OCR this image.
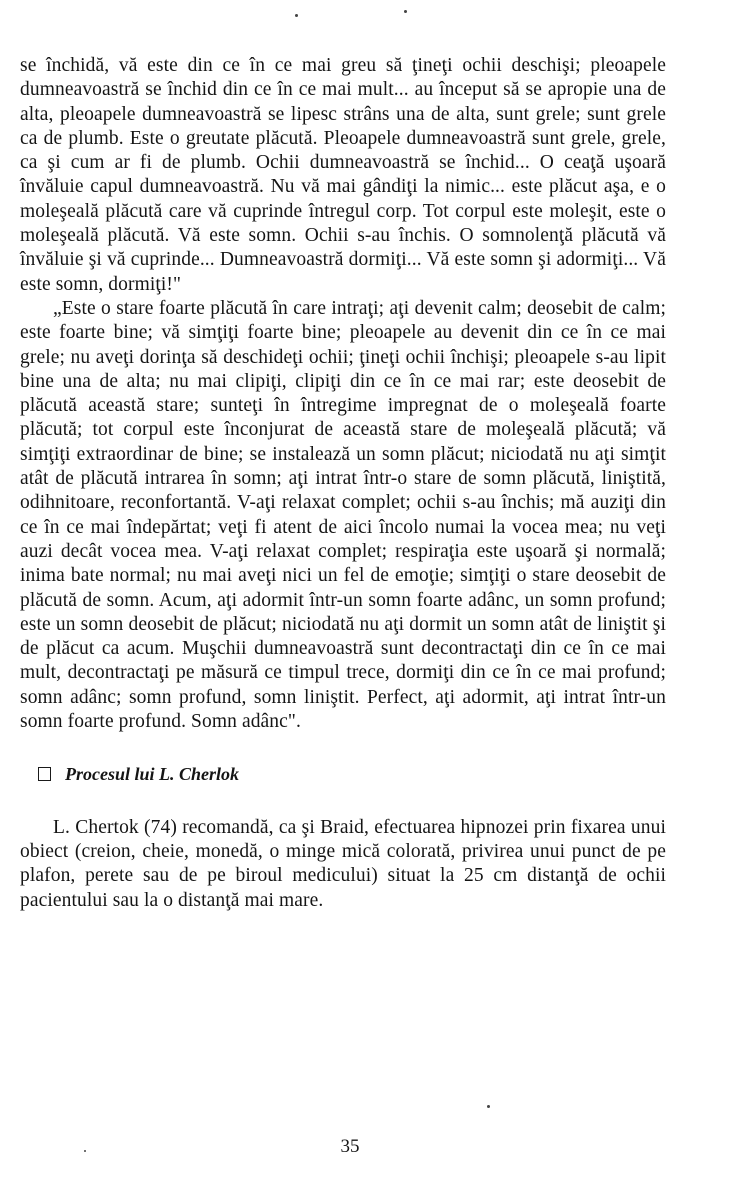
se închidă, vă este din ce în ce mai greu să ţineţi ochii deschişi; pleoapele dumneavoastră se închid din ce în ce mai mult... au început să se apropie una de alta, pleoapele dumneavoastră se lipesc strâns una de alta, sunt grele; sunt grele ca de plumb. Este o greutate plăcută. Pleoapele dumneavoastră sunt grele, grele, ca şi cum ar fi de plumb. Ochii dumneavoastră se închid... O ceaţă uşoară învăluie capul dumneavoastră. Nu vă mai gândiţi la nimic... este plăcut aşa, e o moleşeală plăcută care vă cuprinde întregul corp. Tot corpul este moleşit, este o moleşeală plăcută. Vă este somn. Ochii s-au închis. O somnolenţă plăcută vă învăluie şi vă cuprinde... Dumneavoastră dormiţi... Vă este somn şi adormiţi... Vă este somn, dormiţi!"

„Este o stare foarte plăcută în care intraţi; aţi devenit calm; deosebit de calm; este foarte bine; vă simţiţi foarte bine; pleoapele au devenit din ce în ce mai grele; nu aveţi dorinţa să deschideţi ochii; ţineţi ochii închişi; pleoapele s-au lipit bine una de alta; nu mai clipiţi, clipiţi din ce în ce mai rar; este deosebit de plăcută această stare; sunteţi în întregime impregnat de o moleşeală foarte plăcută; tot corpul este înconjurat de această stare de moleşeală plăcută; vă simţiţi extraordinar de bine; se instalează un somn plăcut; niciodată nu aţi simţit atât de plăcută intrarea în somn; aţi intrat într-o stare de somn plăcută, liniştită, odihnitoare, reconfortantă. V-aţi relaxat complet; ochii s-au închis; mă auziţi din ce în ce mai îndepărtat; veţi fi atent de aici încolo numai la vocea mea; nu veţi auzi decât vocea mea. V-aţi relaxat complet; respiraţia este uşoară şi normală; inima bate normal; nu mai aveţi nici un fel de emoţie; simţiţi o stare deosebit de plăcută de somn. Acum, aţi adormit într-un somn foarte adânc, un somn profund; este un somn deosebit de plăcut; niciodată nu aţi dormit un somn atât de liniştit şi de plăcut ca acum. Muşchii dumneavoastră sunt decontractaţi din ce în ce mai mult, decontractaţi pe măsură ce timpul trece, dormiţi din ce în ce mai profund; somn adânc; somn profund, somn liniştit. Perfect, aţi adormit, aţi intrat într-un somn foarte profund. Somn adânc".

Procesul lui L. Cherlok

L. Chertok (74) recomandă, ca şi Braid, efectuarea hipnozei prin fixarea unui obiect (creion, cheie, monedă, o minge mică colorată, privirea unui punct de pe plafon, perete sau de pe biroul medicului) situat la 25 cm distanţă de ochii pacientului sau la o distanţă mai mare.

35
